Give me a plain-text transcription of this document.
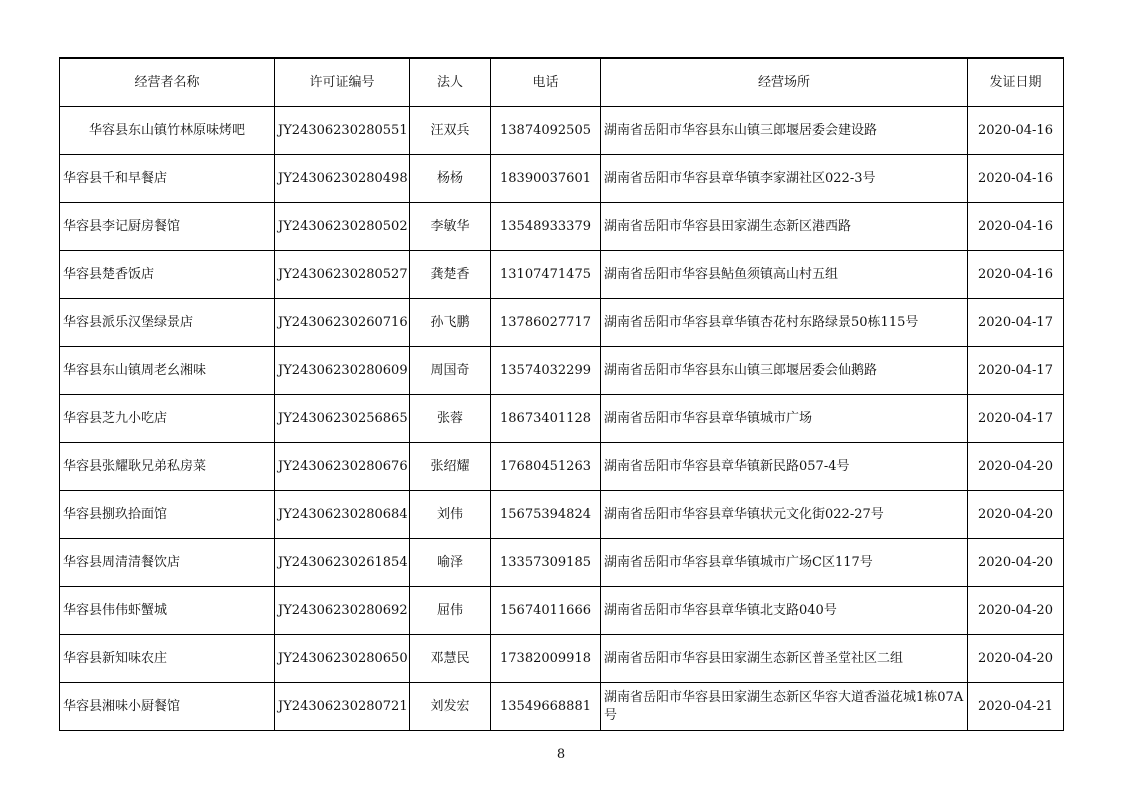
经营者名称	许可证编号	法人	电话	经营场所	发证日期
华容县东山镇竹林原味烤吧	JY24306230280551	汪双兵	13874092505	湖南省岳阳市华容县东山镇三郎堰居委会建设路	2020-04-16
华容县千和早餐店	JY24306230280498	杨杨	18390037601	湖南省岳阳市华容县章华镇李家湖社区022-3号	2020-04-16
华容县李记厨房餐馆	JY24306230280502	李敏华	13548933379	湖南省岳阳市华容县田家湖生态新区港西路	2020-04-16
华容县楚香饭店	JY24306230280527	龚楚香	13107471475	湖南省岳阳市华容县鲇鱼须镇高山村五组	2020-04-16
华容县派乐汉堡绿景店	JY24306230260716	孙飞鹏	13786027717	湖南省岳阳市华容县章华镇杏花村东路绿景50栋115号	2020-04-17
华容县东山镇周老幺湘味	JY24306230280609	周国奇	13574032299	湖南省岳阳市华容县东山镇三郎堰居委会仙鹅路	2020-04-17
华容县芝九小吃店	JY24306230256865	张蓉	18673401128	湖南省岳阳市华容县章华镇城市广场	2020-04-17
华容县张耀耿兄弟私房菜	JY24306230280676	张绍耀	17680451263	湖南省岳阳市华容县章华镇新民路057-4号	2020-04-20
华容县捌玖拾面馆	JY24306230280684	刘伟	15675394824	湖南省岳阳市华容县章华镇状元文化街022-27号	2020-04-20
华容县周清清餐饮店	JY24306230261854	喻泽	13357309185	湖南省岳阳市华容县章华镇城市广场C区117号	2020-04-20
华容县伟伟虾蟹城	JY24306230280692	屈伟	15674011666	湖南省岳阳市华容县章华镇北支路040号	2020-04-20
华容县新知味农庄	JY24306230280650	邓慧民	17382009918	湖南省岳阳市华容县田家湖生态新区普圣堂社区二组	2020-04-20
华容县湘味小厨餐馆	JY24306230280721	刘发宏	13549668881	湖南省岳阳市华容县田家湖生态新区华容大道香溢花城1栋07A号	2020-04-21
8
